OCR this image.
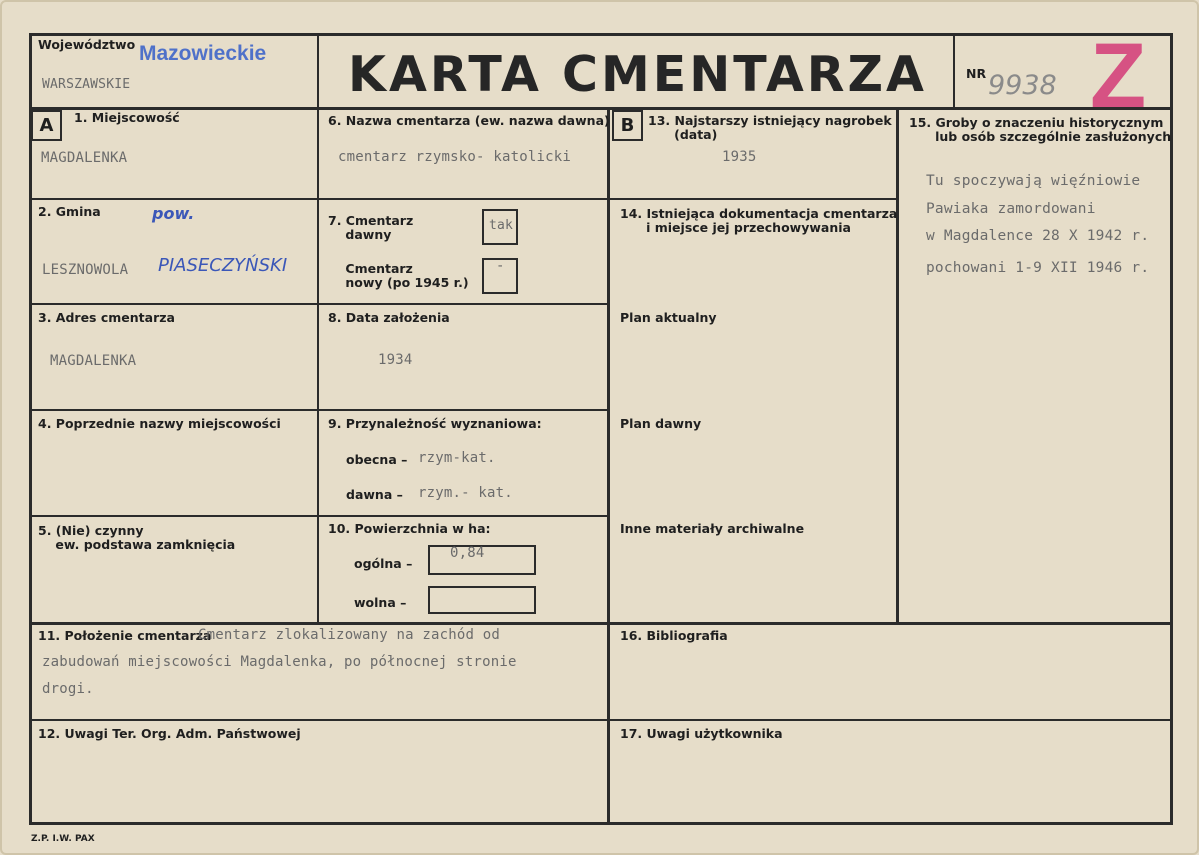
Województwo Mazowieckie
WARSZAWSKIE	KARTA CMENTARZA	NR 9938 Z
A	1. Miejscowość
MAGDALENKA
2. Gmina	pow.
LESZNOWOLA PIASECZYŃSKI
3. Adres cmentarza
MAGDALENKA
4. Poprzednie nazwy miejscowości
5. (Nie) czynny
ew. podstawa zamknięcia
6. Nazwa cmentarza (ew. nazwa dawna)
cmentarz rzymsko- katolicki
7. Cmentarz
dawny
tak
Cmentarz
nowy (po 1945 r.)
-
8. Data założenia
1934
9. Przynależność wyznaniowa:
obecna – rzym-kat.
dawna – rzym.- kat.
10. Powierzchnia w ha:
ogólna –
0,84
wolna –
B	13. Najstarszy istniejący nagrobek
(data)
1935
14. Istniejąca dokumentacja cmentarza
i miejsce jej przechowywania
Plan aktualny
Plan dawny
Inne materiały archiwalne
15. Groby o znaczeniu historycznym
lub osób szczególnie zasłużonych
Tu spoczywają więźniowie
Pawiaka zamordowani
w Magdalence 28 X 1942 r.
pochowani 1-9 XII 1946 r.
11. Położenie cmentarza
Cmentarz zlokalizowany na zachód od
zabudowań miejscowości Magdalenka, po północnej stronie
drogi.
12. Uwagi Ter. Org. Adm. Państwowej
16. Bibliografia
17. Uwagi użytkownika
Z.P. I.W. PAX
